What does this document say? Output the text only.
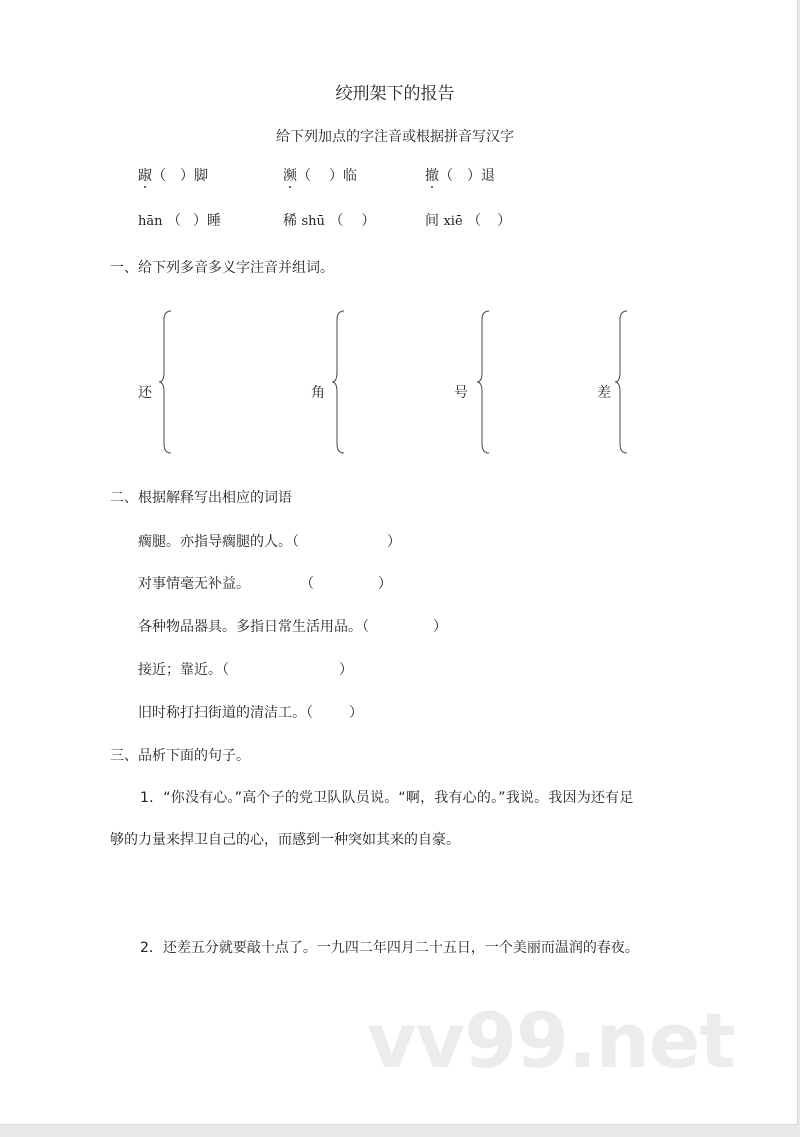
绞刑架下的报告
给下列加点的字注音或根据拼音写汉字
踧（ ）脚	濒（ ）临	撤（ ）退
hān （ ）睡	稀 shū （ ）	间 xiē （ ）
一、给下列多音多义字注音并组词。
还	角	号	差
二、根据解释写出相应的词语
瘸腿。亦指导瘸腿的人。（	）
对事情毫无补益。	（	）
各种物品器具。多指日常生活用品。（	）
接近；靠近。（	）
旧时称打扫街道的清洁工。（	）
三、品析下面的句子。
1．“你没有心。”高个子的党卫队队员说。“啊，我有心的。”我说。我因为还有足
够的力量来捍卫自己的心，而感到一种突如其来的自豪。
2．还差五分就要敲十点了。一九四二年四月二十五日，一个美丽而温润的春夜。
vv99.net
